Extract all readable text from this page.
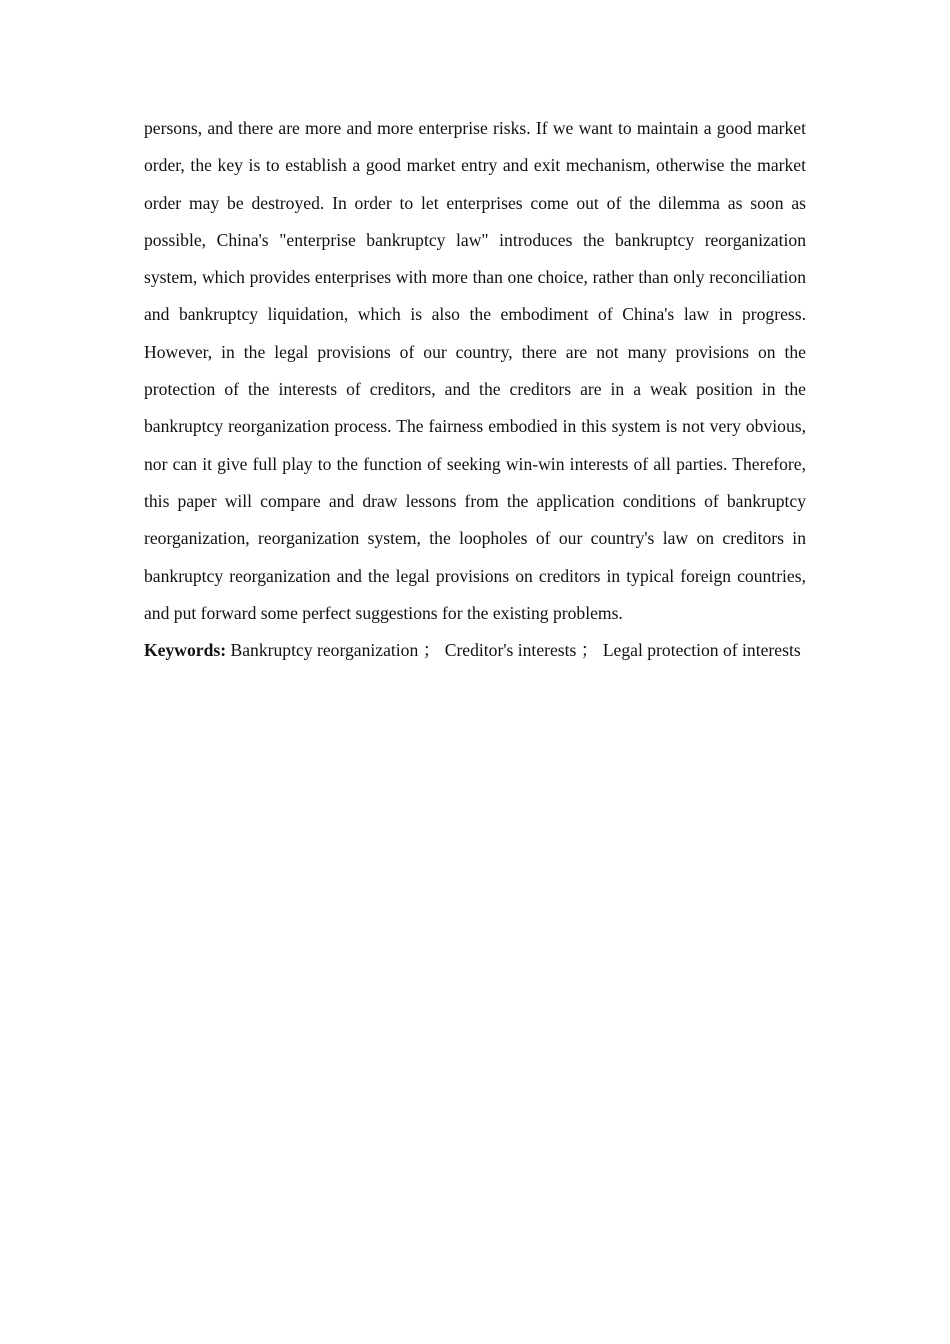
persons, and there are more and more enterprise risks. If we want to maintain a good market order, the key is to establish a good market entry and exit mechanism, otherwise the market order may be destroyed. In order to let enterprises come out of the dilemma as soon as possible, China's "enterprise bankruptcy law" introduces the bankruptcy reorganization system, which provides enterprises with more than one choice, rather than only reconciliation and bankruptcy liquidation, which is also the embodiment of China's law in progress. However, in the legal provisions of our country, there are not many provisions on the protection of the interests of creditors, and the creditors are in a weak position in the bankruptcy reorganization process. The fairness embodied in this system is not very obvious, nor can it give full play to the function of seeking win-win interests of all parties. Therefore, this paper will compare and draw lessons from the application conditions of bankruptcy reorganization, reorganization system, the loopholes of our country's law on creditors in bankruptcy reorganization and the legal provisions on creditors in typical foreign countries, and put forward some perfect suggestions for the existing problems.

Keywords: Bankruptcy reorganization ； Creditor's interests ； Legal protection of interests
